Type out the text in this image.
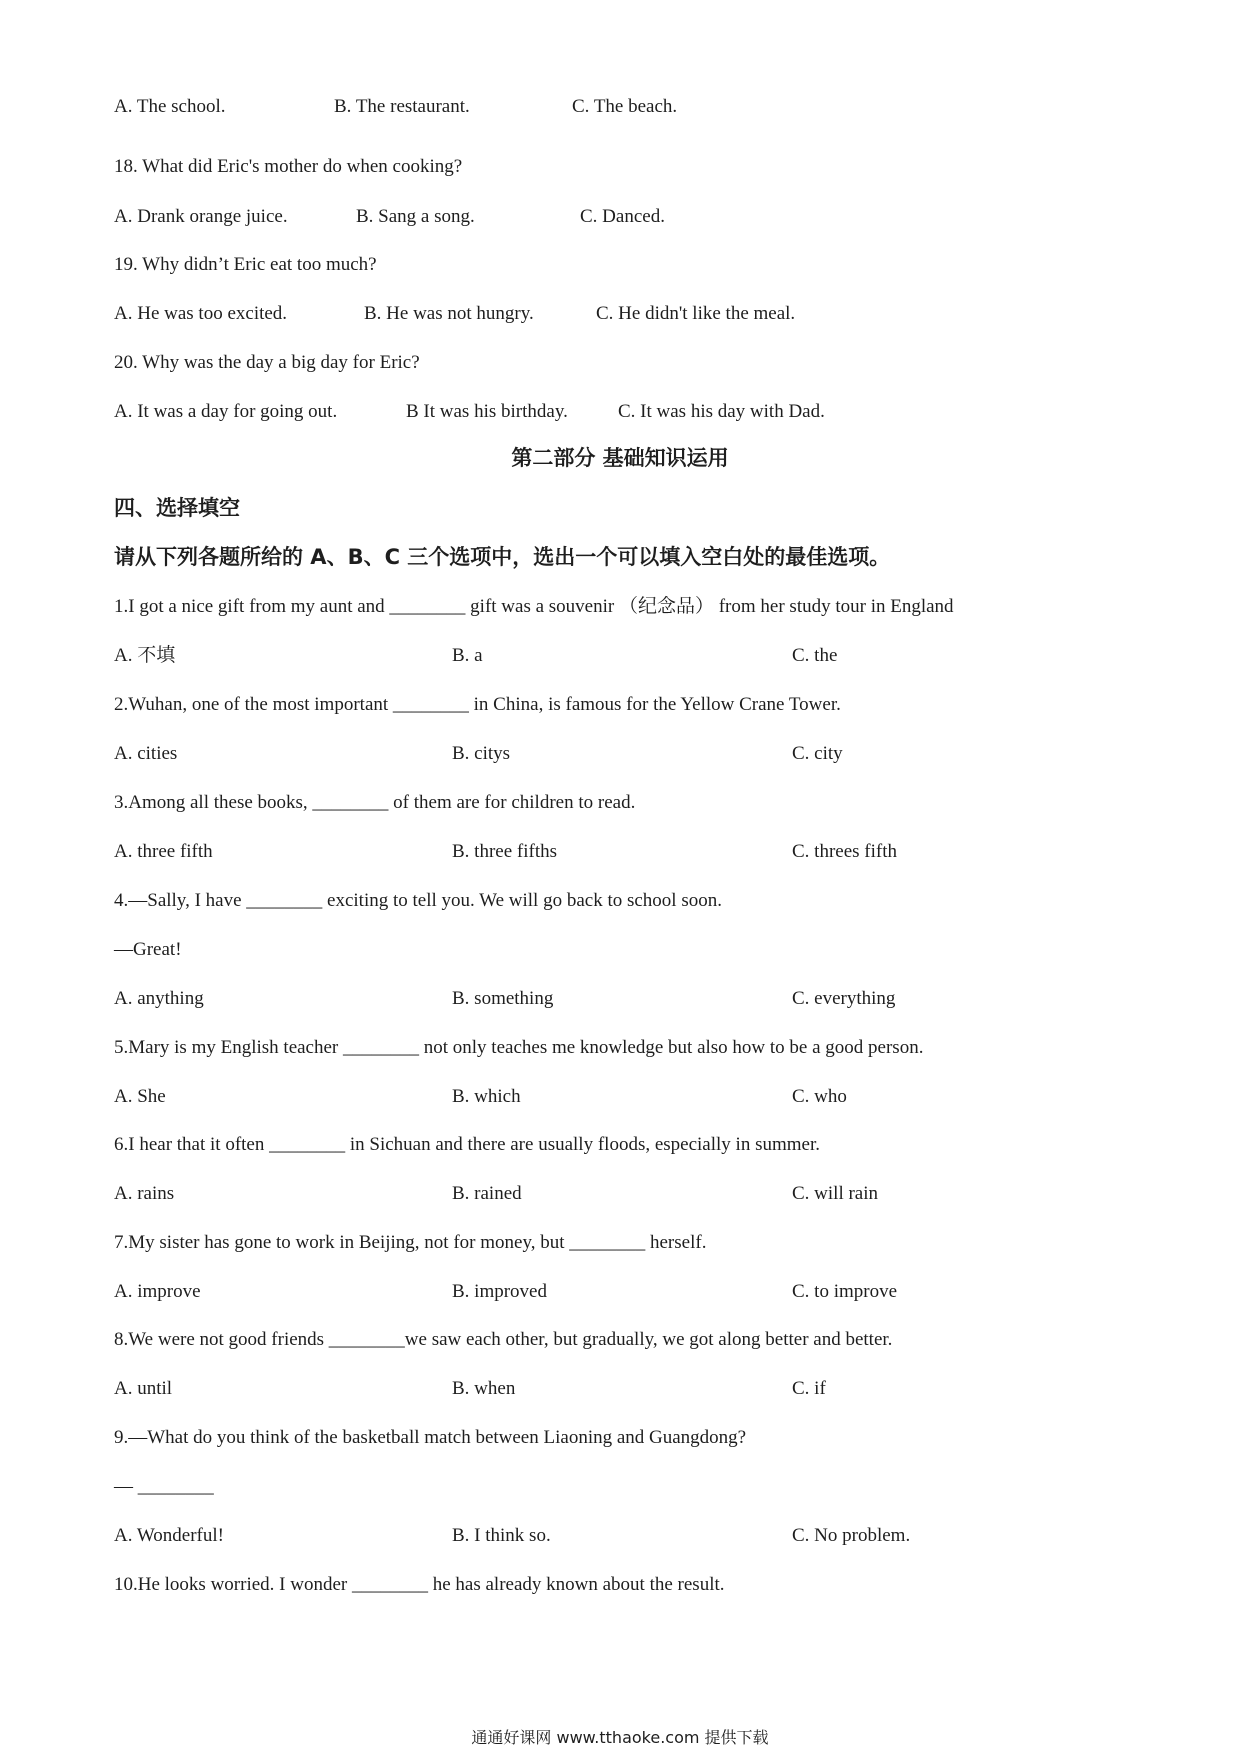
A. The school.	B. The restaurant.	C. The beach.
18. What did Eric's mother do when cooking?
A. Drank orange juice.	B. Sang a song.	C. Danced.
19. Why didn’t Eric eat too much?
A. He was too excited.	B. He was not hungry.	C. He didn't like the meal.
20. Why was the day a big day for Eric?
A. It was a day for going out.	B It was his birthday.	C. It was his day with Dad.
第二部分 基础知识运用
四、选择填空
请从下列各题所给的 A、B、C 三个选项中，选出一个可以填入空白处的最佳选项。
1.I got a nice gift from my aunt and ________ gift was a souvenir （纪念品） from her study tour in England
A. 不填	B. a	C. the
2.Wuhan, one of the most important ________ in China, is famous for the Yellow Crane Tower.
A. cities	B. citys	C. city
3.Among all these books, ________ of them are for children to read.
A. three fifth	B. three fifths	C. threes fifth
4.—Sally, I have ________ exciting to tell you. We will go back to school soon.
—Great!
A. anything	B. something	C. everything
5.Mary is my English teacher ________ not only teaches me knowledge but also how to be a good person.
A. She	B. which	C. who
6.I hear that it often ________ in Sichuan and there are usually floods, especially in summer.
A. rains	B. rained	C. will rain
7.My sister has gone to work in Beijing, not for money, but ________ herself.
A. improve	B. improved	C. to improve
8.We were not good friends ________we saw each other, but gradually, we got along better and better.
A. until	B. when	C. if
9.—What do you think of the basketball match between Liaoning and Guangdong?
— ________
A. Wonderful!	B. I think so.	C. No problem.
10.He looks worried. I wonder ________ he has already known about the result.
通通好课网 www.tthaoke.com 提供下载
